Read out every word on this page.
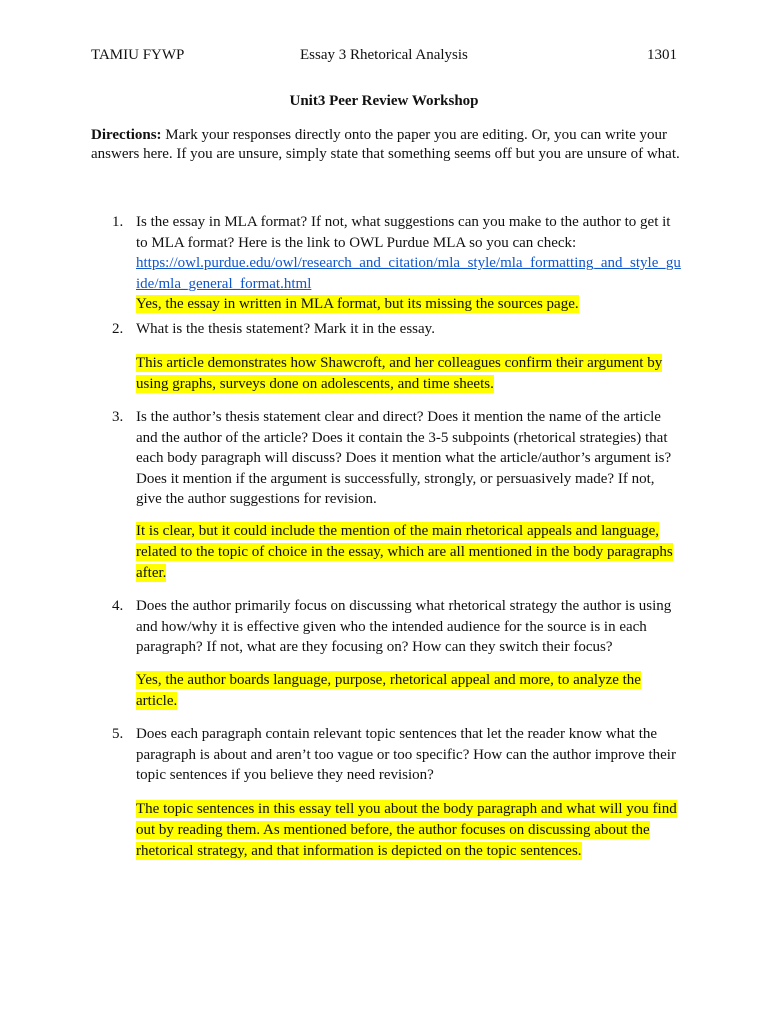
TAMIU FYWP	Essay 3 Rhetorical Analysis	1301
Unit3 Peer Review Workshop
Directions: Mark your responses directly onto the paper you are editing. Or, you can write your answers here. If you are unsure, simply state that something seems off but you are unsure of what.
1. Is the essay in MLA format? If not, what suggestions can you make to the author to get it to MLA format? Here is the link to OWL Purdue MLA so you can check:
https://owl.purdue.edu/owl/research_and_citation/mla_style/mla_formatting_and_style_guide/mla_general_format.html
Yes, the essay in written in MLA format, but its missing the sources page.
2. What is the thesis statement? Mark it in the essay.
This article demonstrates how Shawcroft, and her colleagues confirm their argument by using graphs, surveys done on adolescents, and time sheets.
3. Is the author’s thesis statement clear and direct? Does it mention the name of the article and the author of the article? Does it contain the 3-5 subpoints (rhetorical strategies) that each body paragraph will discuss? Does it mention what the article/author’s argument is? Does it mention if the argument is successfully, strongly, or persuasively made? If not, give the author suggestions for revision.
It is clear, but it could include the mention of the main rhetorical appeals and language, related to the topic of choice in the essay, which are all mentioned in the body paragraphs after.
4. Does the author primarily focus on discussing what rhetorical strategy the author is using and how/why it is effective given who the intended audience for the source is in each paragraph? If not, what are they focusing on? How can they switch their focus?
Yes, the author boards language, purpose, rhetorical appeal and more, to analyze the article.
5. Does each paragraph contain relevant topic sentences that let the reader know what the paragraph is about and aren’t too vague or too specific? How can the author improve their topic sentences if you believe they need revision?
The topic sentences in this essay tell you about the body paragraph and what will you find out by reading them. As mentioned before, the author focuses on discussing about the rhetorical strategy, and that information is depicted on the topic sentences.
